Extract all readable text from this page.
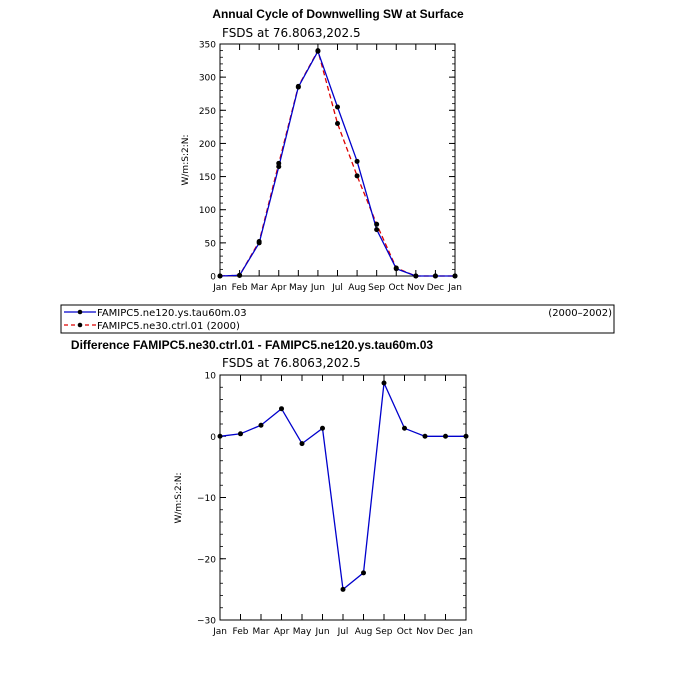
Annual Cycle of Downwelling SW at Surface
FSDS at 76.8063,202.5
W/m:S:2:N:
Jan Feb Mar Apr May Jun Jul Aug Sep Oct Nov Dec Jan
0
50
100
150
200
250
300
350
FAMIPC5.ne120.ys.tau60m.03
FAMIPC5.ne30.ctrl.01 (2000)
(2000–2002)
Difference FAMIPC5.ne30.ctrl.01 - FAMIPC5.ne120.ys.tau60m.03
FSDS at 76.8063,202.5
W/m:S:2:N:
Jan Feb Mar Apr May Jun Jul Aug Sep Oct Nov Dec Jan
−30
−20
−10
0
10
